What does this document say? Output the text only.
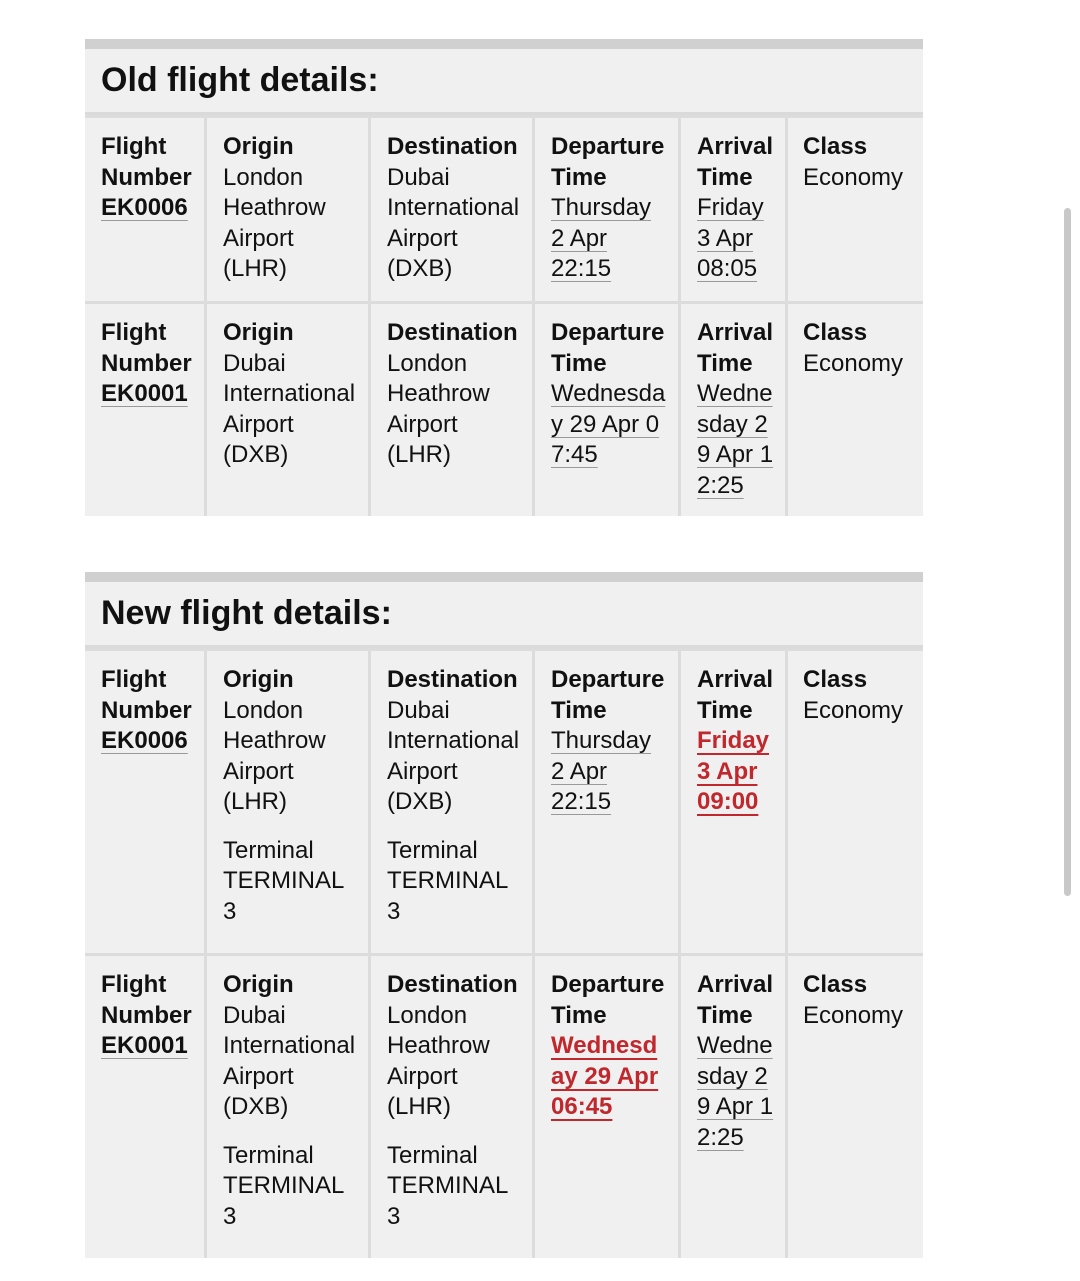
Old flight details:
Flight Number
EK0006
Origin
London Heathrow Airport (LHR)
Destination
Dubai International Airport (DXB)
Departure Time
Thursday 2 Apr 22:15
Arrival Time
Friday 3 Apr 08:05
Class
Economy
Flight Number
EK0001
Origin
Dubai International Airport (DXB)
Destination
London Heathrow Airport (LHR)
Departure Time
Wednesday 29 Apr 07:45
Arrival Time
Wednesday 29 Apr 12:25
Class
Economy
New flight details:
Flight Number
EK0006
Origin
London Heathrow Airport (LHR)
Terminal
TERMINAL 3
Destination
Dubai International Airport (DXB)
Terminal
TERMINAL 3
Departure Time
Thursday 2 Apr 22:15
Arrival Time
Friday 3 Apr 09:00
Class
Economy
Flight Number
EK0001
Origin
Dubai International Airport (DXB)
Terminal
TERMINAL 3
Destination
London Heathrow Airport (LHR)
Terminal
TERMINAL 3
Departure Time
Wednesday 29 Apr 06:45
Arrival Time
Wednesday 29 Apr 12:25
Class
Economy
